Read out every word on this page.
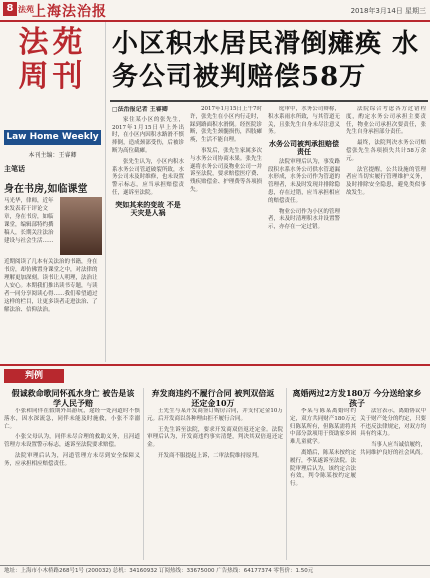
8 法苑
上海法治报	2018年3月14日 星期三
法苑周刊
Law Home Weekly
本刊主编：王睿卿
主笔话
身在书房,如临课堂
马光华，律师，近年来发表若干评论文章，身在书房，如临课堂，编辑部特约撰稿人，长期关注法治建设与社会生活……
近期阅读了几本有关法治的书籍，身在书房，却仿佛置身课堂之中，对法律的理解更加深刻。读书让人明理，法治让人安心。本期我们推出读书专题，与读者一同分享阅读心得……我们希望通过这样的栏目，让更多读者走进法治、了解法治、信仰法治。
小区积水居民滑倒瘫痪 水务公司被判赔偿58万

□法治报记者 王睿卿

家住某小区的张先生，2017年1月15日早上外出时，在小区内因积水路滑不慎摔倒，造成颈部受伤，后被诊断为高位截瘫。

张先生认为，小区内积水系水务公司管道破裂所致，水务公司未及时维修，也未设置警示标志，应当承担赔偿责任，遂诉至法院。

突如其来的变故 不是天灾是人祸

2017年1月15日上午7时许，张先生在小区内行走时，踩到路面积水滑倒。经医院诊断，张先生颈髓损伤，四肢瘫痪，生活不能自理。

事发后，张先生家属多次与水务公司协商未果。张先生遂将水务公司及物业公司一并诉至法院，要求赔偿医疗费、残疾赔偿金、护理费等各项损失。

庭审中，水务公司辩称，积水系雨水所致，与其管道无关，且张先生自身未尽注意义务。

水务公司被判承担赔偿责任

法院审理后认为，事发路段积水系水务公司供水管道漏水形成，水务公司作为管道的管理者，未及时发现并排除隐患，存在过错，应当承担相应的赔偿责任。

物业公司作为小区的管理者，未及时清理积水并设置警示，亦存在一定过错。

法院综合考虑各方过错程度，酌定水务公司承担主要责任，物业公司承担次要责任，张先生自身承担部分责任。

最终，法院判决水务公司赔偿张先生各项损失共计58万余元。

法官提醒，公共设施的管理者应当切实履行管理维护义务，及时排除安全隐患，避免类似事故发生。

判例
假诚救命歌同怀孤水身亡 被告是该学人民予赔
弃发商违约不履行合同 被判双倍返还定金10万
离婚两过2方发180万 今分送给家乡孩子

小张和同伴在假期外出游玩，途经一处河道时不慎落水，因水深流急，同伴未能及时施救，小张不幸溺亡。

小张父母认为，同伴未尽合理的救助义务，且河道管理方未设置警示标志，遂诉至法院要求赔偿。

法院审理后认为，河道管理方未尽到安全保障义务，应承担相应赔偿责任。

王先生与某开发商签订购房合同，并支付定金10万元。后开发商以各种理由拒不履行合同。

王先生诉至法院，要求开发商双倍返还定金。法院审理后认为，开发商违约事实清楚，判决其双倍返还定金。

开发商不服提起上诉，二审法院维持原判。

李某与陈某离婚时约定，双方共同财产180万元归陈某所有，但陈某需将其中部分款项用于资助家乡困难儿童就学。

离婚后，陈某未按约定履行，李某遂诉至法院。法院审理后认为，该约定合法有效，判令陈某按约定履行。

法官表示，离婚协议中关于财产处分的约定，只要不违反法律规定，对双方均具有约束力。

当事人应当诚信履约，共同维护良好的社会风尚。

地址：上海市小木桥路268号1号 (200032) 总机：34160932 订阅热线：33675000 广告热线：64177374 零售价：1.50元
